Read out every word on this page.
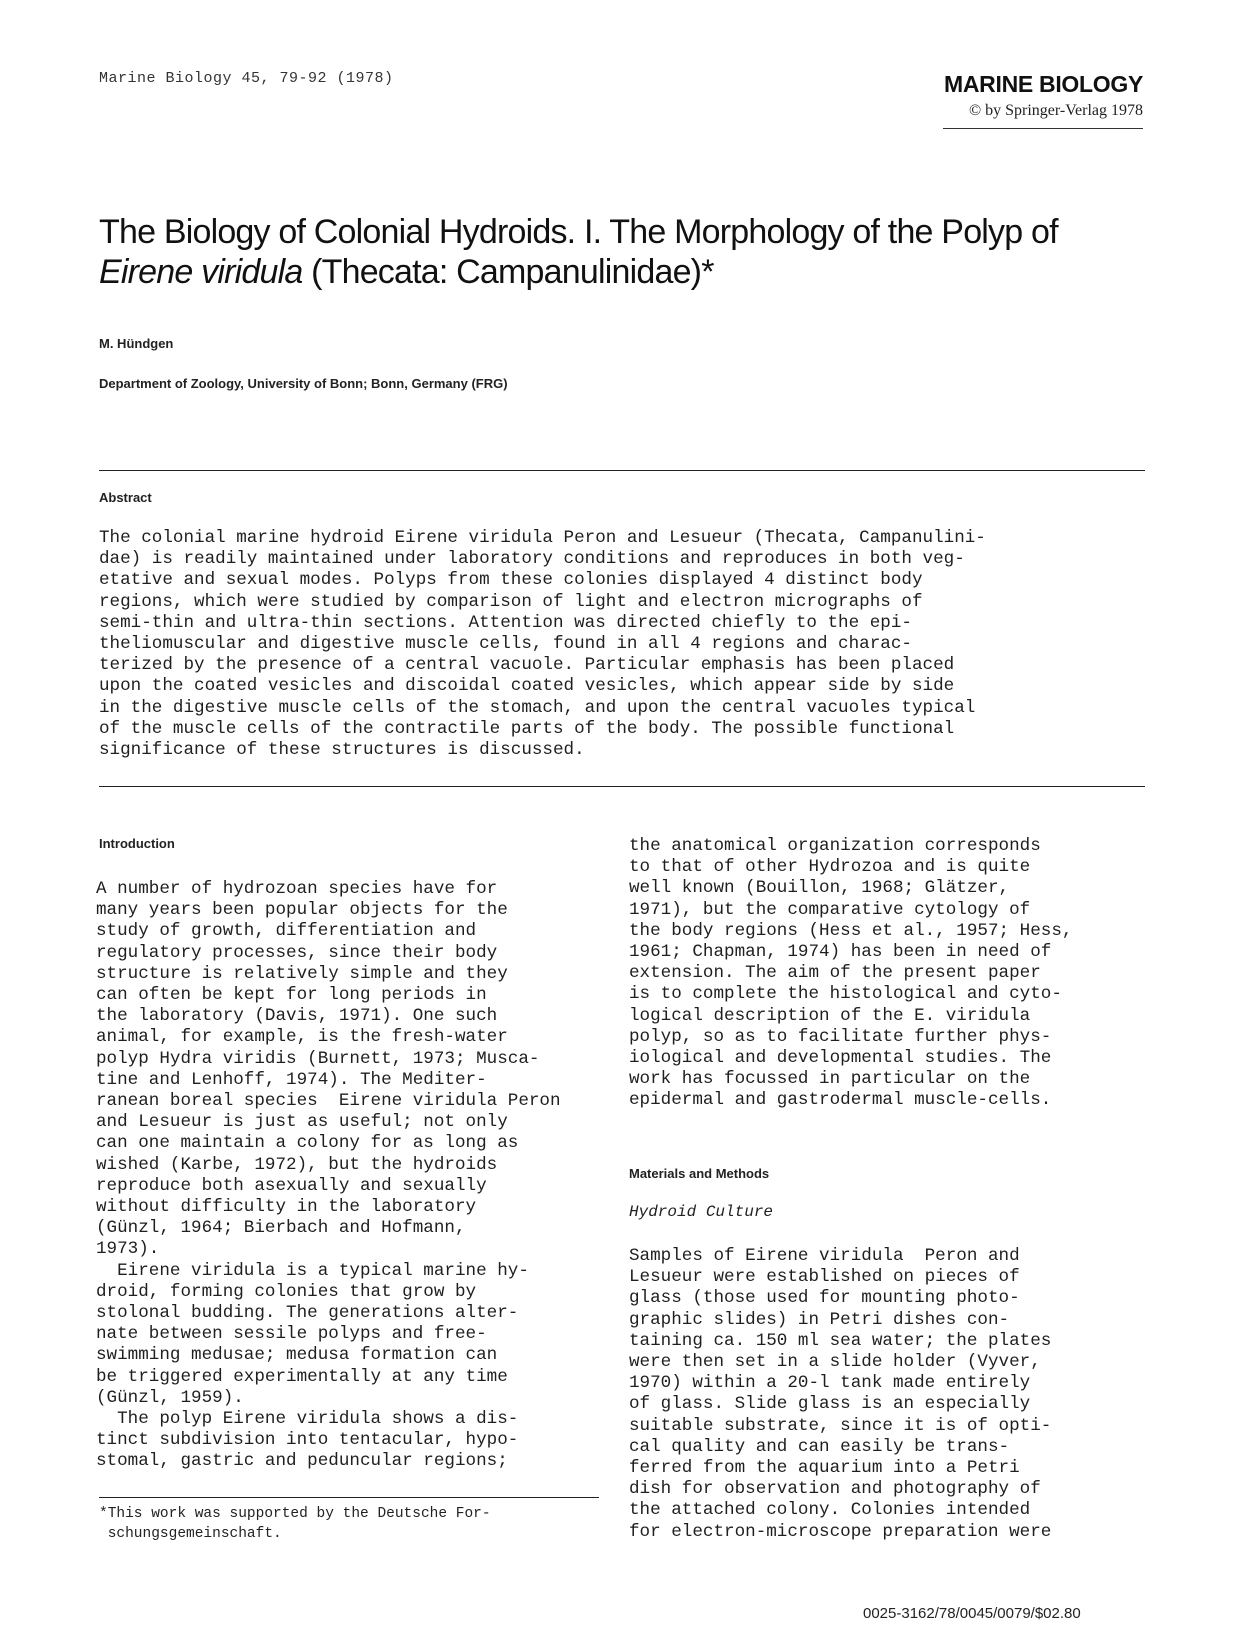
Marine Biology 45, 79-92 (1978)	MARINE BIOLOGY
© by Springer-Verlag 1978
The Biology of Colonial Hydroids. I. The Morphology of the Polyp of
Eirene viridula (Thecata: Campanulinidae)*
M. Hündgen
Department of Zoology, University of Bonn; Bonn, Germany (FRG)
Abstract
The colonial marine hydroid Eirene viridula Peron and Lesueur (Thecata, Campanulini-
dae) is readily maintained under laboratory conditions and reproduces in both veg-
etative and sexual modes. Polyps from these colonies displayed 4 distinct body
regions, which were studied by comparison of light and electron micrographs of
semi-thin and ultra-thin sections. Attention was directed chiefly to the epi-
theliomuscular and digestive muscle cells, found in all 4 regions and charac-
terized by the presence of a central vacuole. Particular emphasis has been placed
upon the coated vesicles and discoidal coated vesicles, which appear side by side
in the digestive muscle cells of the stomach, and upon the central vacuoles typical
of the muscle cells of the contractile parts of the body. The possible functional
significance of these structures is discussed.
Introduction
A number of hydrozoan species have for
many years been popular objects for the
study of growth, differentiation and
regulatory processes, since their body
structure is relatively simple and they
can often be kept for long periods in
the laboratory (Davis, 1971). One such
animal, for example, is the fresh-water
polyp Hydra viridis (Burnett, 1973; Musca-
tine and Lenhoff, 1974). The Mediter-
ranean boreal species  Eirene viridula Peron
and Lesueur is just as useful; not only
can one maintain a colony for as long as
wished (Karbe, 1972), but the hydroids
reproduce both asexually and sexually
without difficulty in the laboratory
(Günzl, 1964; Bierbach and Hofmann,
1973).
Eirene viridula is a typical marine hy-
droid, forming colonies that grow by
stolonal budding. The generations alter-
nate between sessile polyps and free-
swimming medusae; medusa formation can
be triggered experimentally at any time
(Günzl, 1959).
The polyp Eirene viridula shows a dis-
tinct subdivision into tentacular, hypo-
stomal, gastric and peduncular regions;
the anatomical organization corresponds
to that of other Hydrozoa and is quite
well known (Bouillon, 1968; Glätzer,
1971), but the comparative cytology of
the body regions (Hess et al., 1957; Hess,
1961; Chapman, 1974) has been in need of
extension. The aim of the present paper
is to complete the histological and cyto-
logical description of the E. viridula
polyp, so as to facilitate further phys-
iological and developmental studies. The
work has focussed in particular on the
epidermal and gastrodermal muscle-cells.
Materials and Methods
Hydroid Culture
Samples of Eirene viridula  Peron and
Lesueur were established on pieces of
glass (those used for mounting photo-
graphic slides) in Petri dishes con-
taining ca. 150 ml sea water; the plates
were then set in a slide holder (Vyver,
1970) within a 20-l tank made entirely
of glass. Slide glass is an especially
suitable substrate, since it is of opti-
cal quality and can easily be trans-
ferred from the aquarium into a Petri
dish for observation and photography of
the attached colony. Colonies intended
for electron-microscope preparation were
*This work was supported by the Deutsche For-
schungsgemeinschaft.
0025-3162/78/0045/0079/$02.80
